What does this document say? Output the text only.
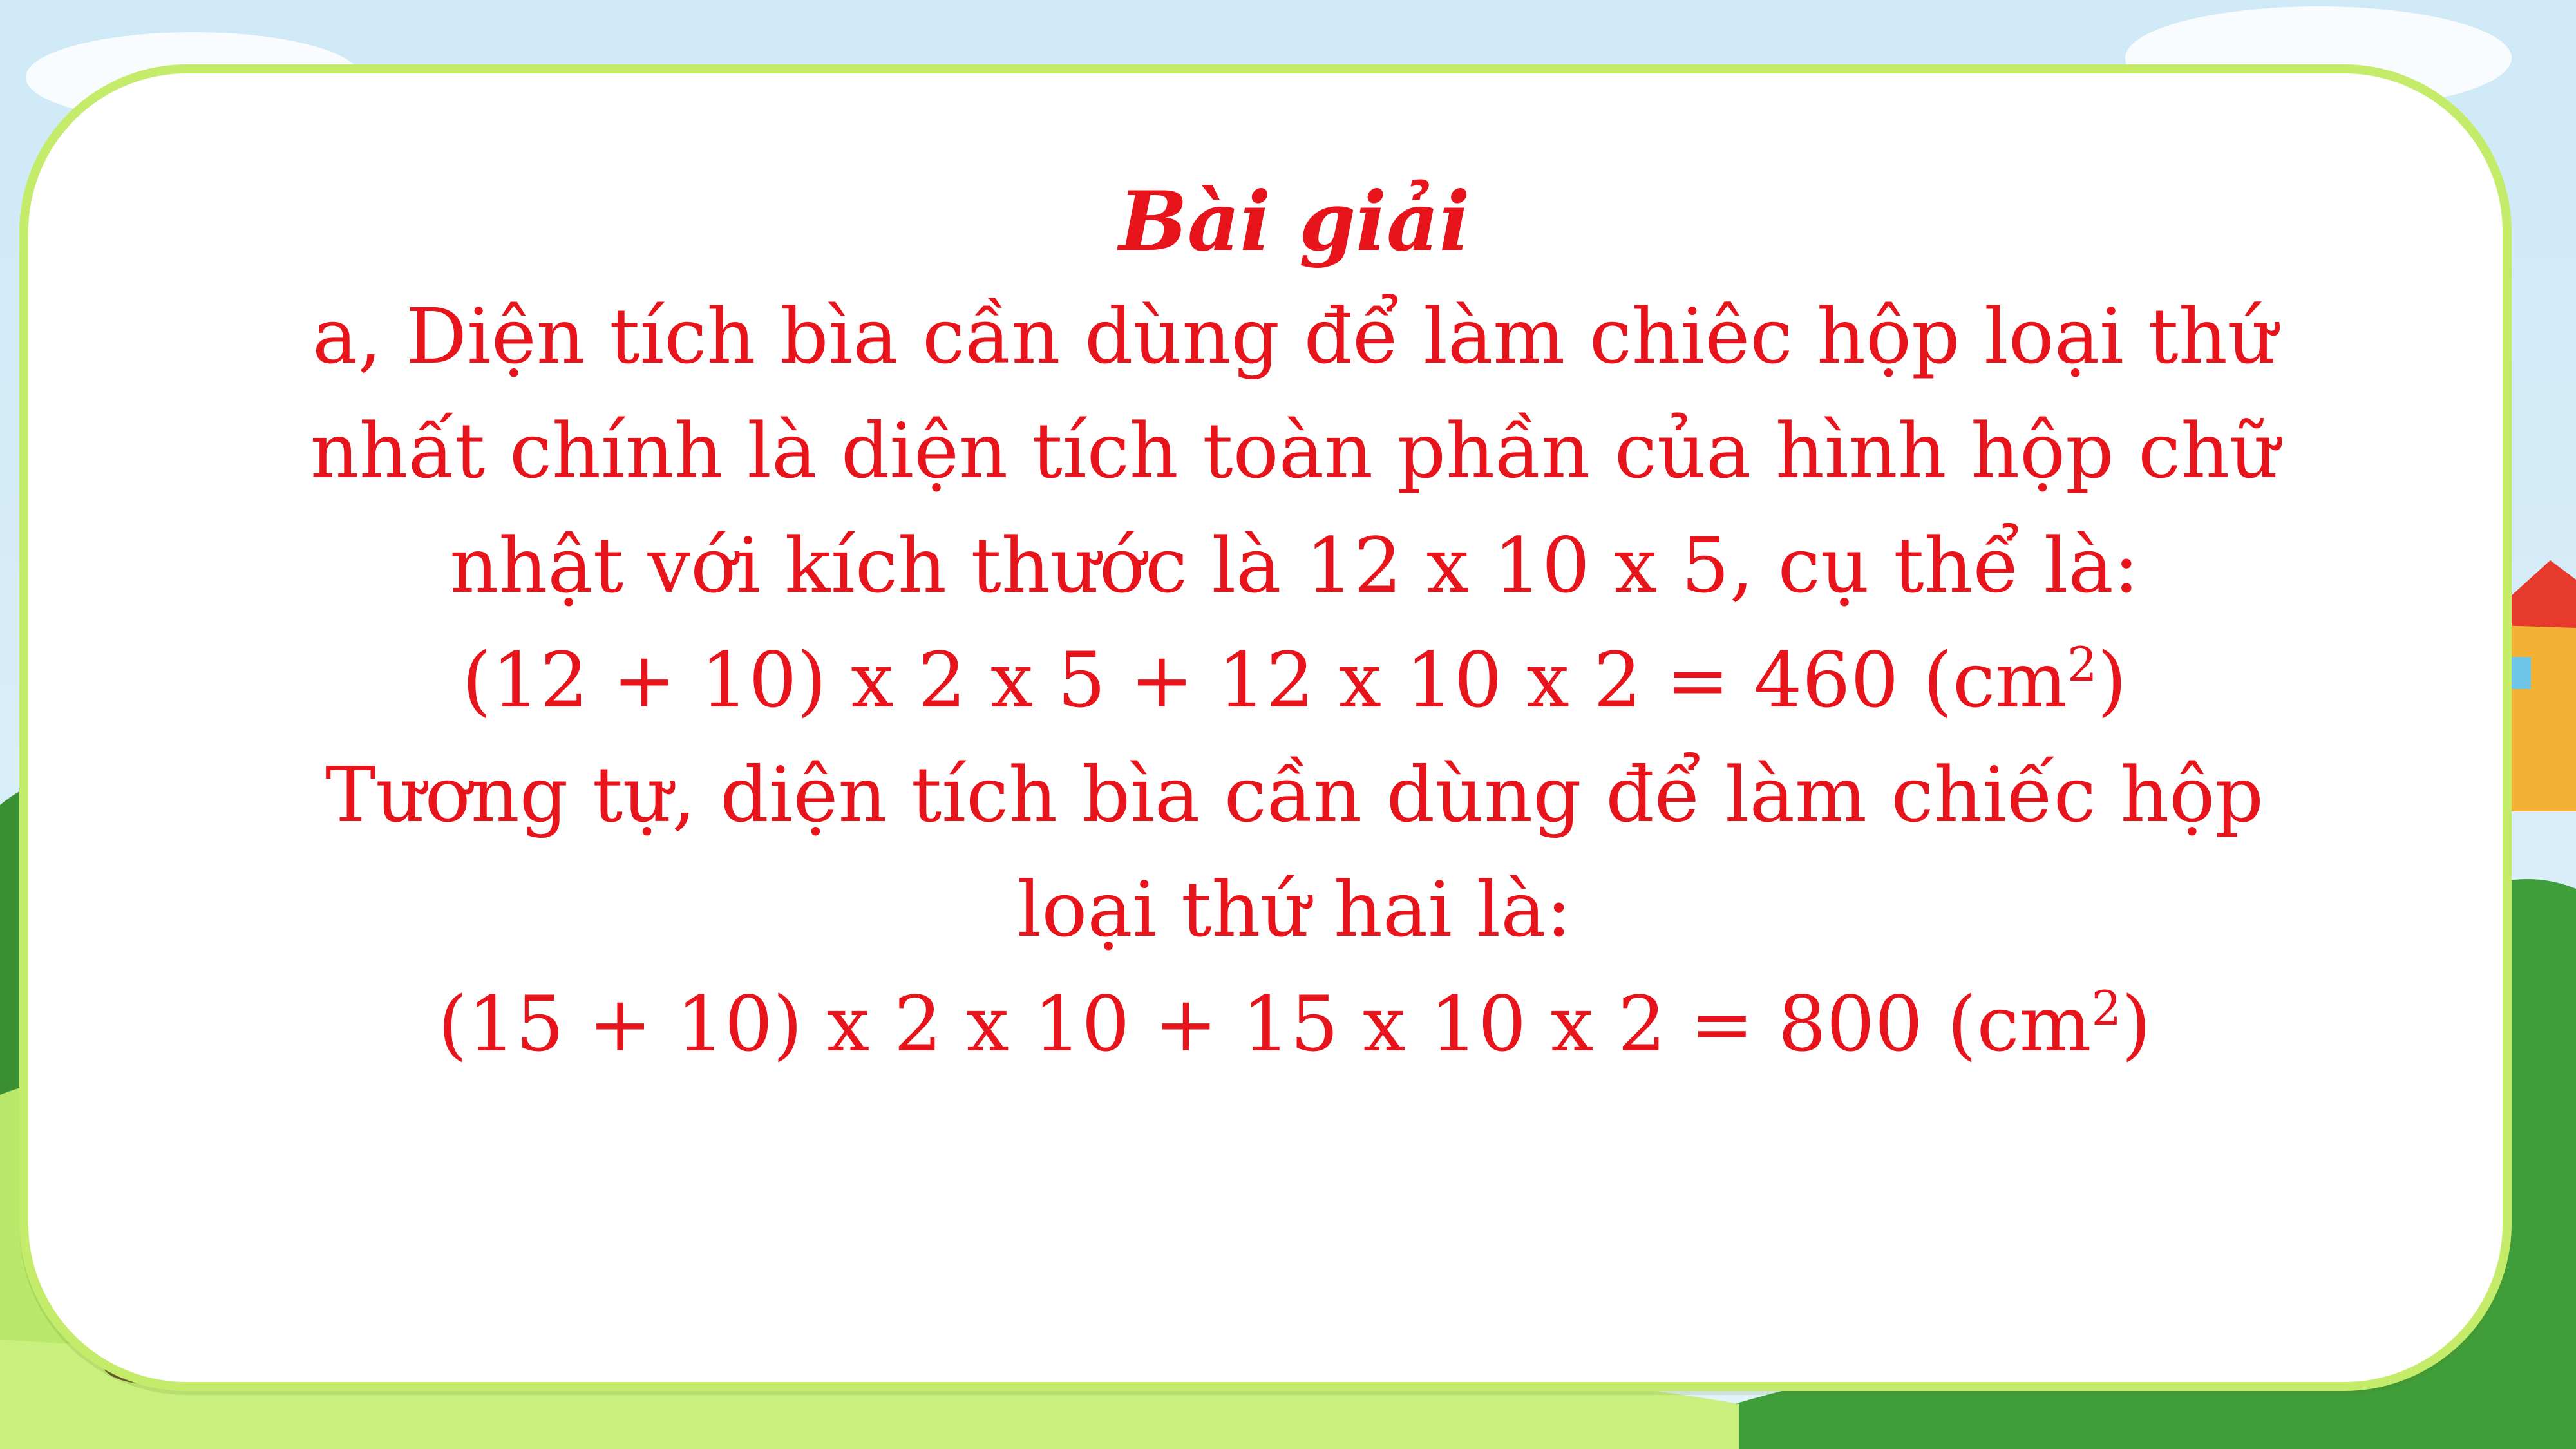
Bài giải
a, Diện tích bìa cần dùng để làm chiêc hộp loại thứ
nhất chính là diện tích toàn phần của hình hộp chữ
nhật với kích thước là 12 x 10 x 5, cụ thể là:
(12 + 10) x 2 x 5 + 12 x 10 x 2 = 460 $(cm^2)$
Tương tự, diện tích bìa cần dùng để làm chiếc hộp
loại thứ hai là:
(15 + 10) x 2 x 10 + 15 x 10 x 2 = 800 $(cm^2)$
